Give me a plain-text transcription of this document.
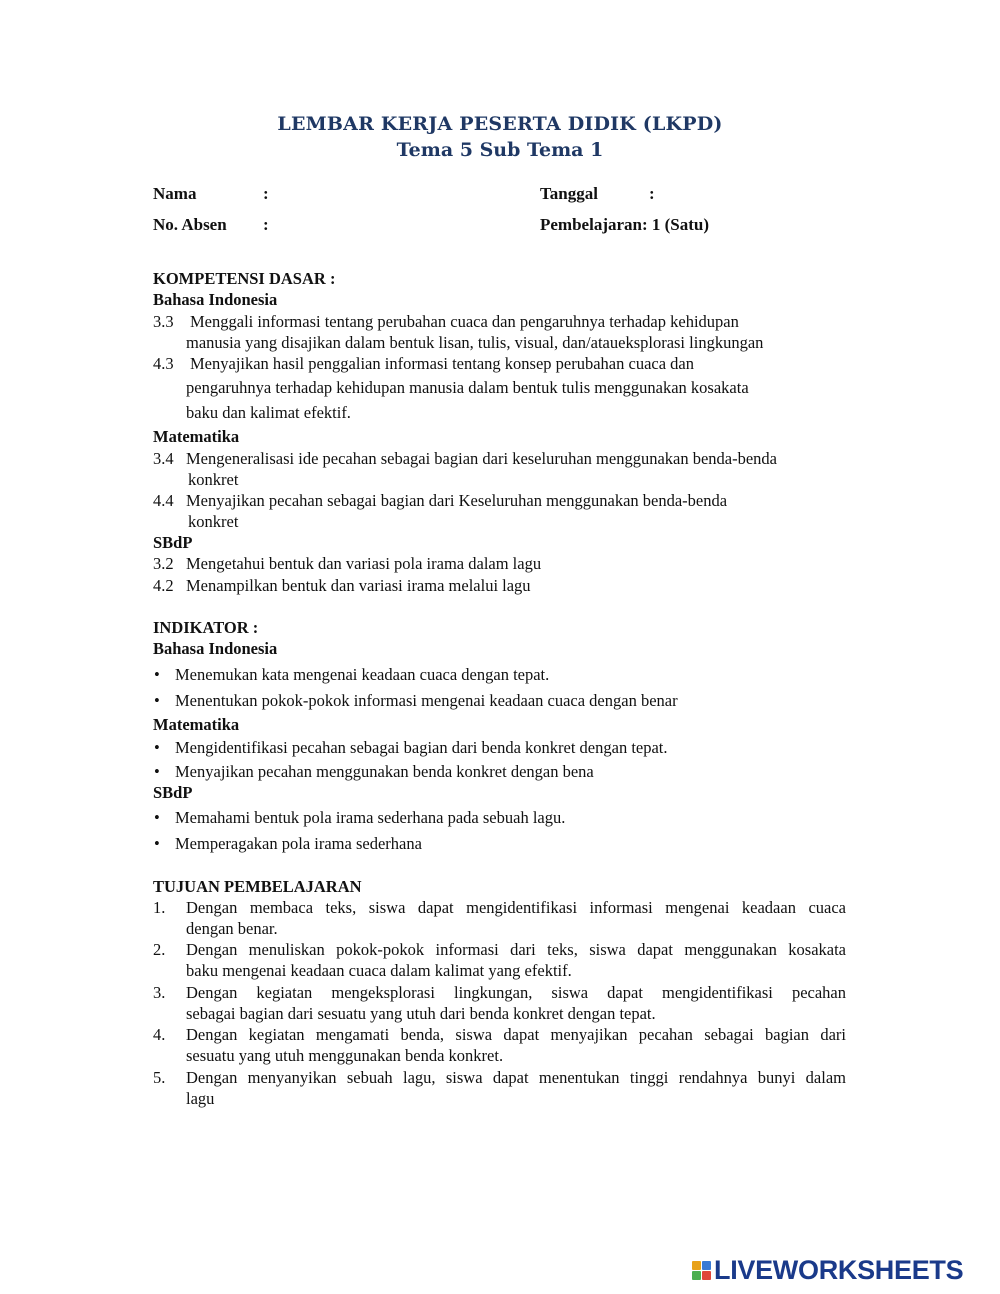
LEMBAR KERJA PESERTA DIDIK (LKPD)
Tema 5 Sub Tema 1
Nama	:	Tanggal	:
No. Absen :	Pembelajaran: 1 (Satu)
KOMPETENSI DASAR :
Bahasa Indonesia
3.3 Menggali informasi tentang perubahan cuaca dan pengaruhnya terhadap kehidupan
manusia yang disajikan dalam bentuk lisan, tulis, visual, dan/ataueksplorasi lingkungan
4.3 Menyajikan hasil penggalian informasi tentang konsep perubahan cuaca dan
pengaruhnya terhadap kehidupan manusia dalam bentuk tulis menggunakan kosakata
baku dan kalimat efektif.
Matematika
3.4 Mengeneralisasi ide pecahan sebagai bagian dari keseluruhan menggunakan benda-benda
konkret
4.4 Menyajikan pecahan sebagai bagian dari Keseluruhan menggunakan benda-benda
konkret
SBdP
3.2 Mengetahui bentuk dan variasi pola irama dalam lagu
4.2 Menampilkan bentuk dan variasi irama melalui lagu
INDIKATOR :
Bahasa Indonesia
• Menemukan kata mengenai keadaan cuaca dengan tepat.
• Menentukan pokok-pokok informasi mengenai keadaan cuaca dengan benar
Matematika
• Mengidentifikasi pecahan sebagai bagian dari benda konkret dengan tepat.
• Menyajikan pecahan menggunakan benda konkret dengan bena
SBdP
• Memahami bentuk pola irama sederhana pada sebuah lagu.
• Memperagakan pola irama sederhana
TUJUAN PEMBELAJARAN
1. Dengan membaca teks, siswa dapat mengidentifikasi informasi mengenai keadaan cuaca
dengan benar.
2. Dengan menuliskan pokok-pokok informasi dari teks, siswa dapat menggunakan kosakata
baku mengenai keadaan cuaca dalam kalimat yang efektif.
3. Dengan kegiatan mengeksplorasi lingkungan, siswa dapat mengidentifikasi pecahan
sebagai bagian dari sesuatu yang utuh dari benda konkret dengan tepat.
4. Dengan kegiatan mengamati benda, siswa dapat menyajikan pecahan sebagai bagian dari
sesuatu yang utuh menggunakan benda konkret.
5. Dengan menyanyikan sebuah lagu, siswa dapat menentukan tinggi rendahnya bunyi dalam
lagu
LIVEWORKSHEETS
